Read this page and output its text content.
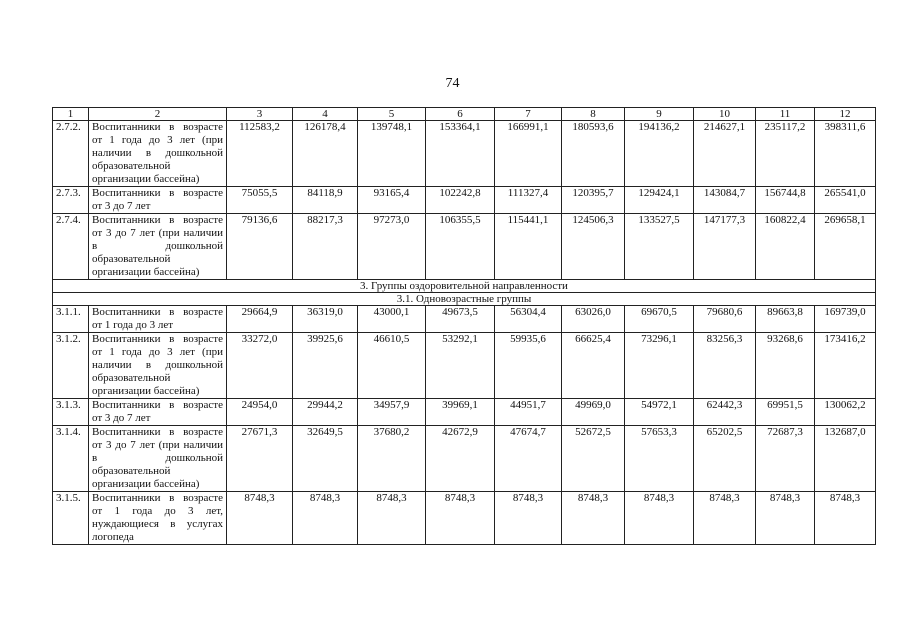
74
1	2	3	4	5	6	7	8	9	10	11	12
2.7.2.	Воспитанники в возрасте от 1 года до 3 лет (при наличии в дошкольной образовательной организации бассейна)	112583,2	126178,4	139748,1	153364,1	166991,1	180593,6	194136,2	214627,1	235117,2	398311,6
2.7.3.	Воспитанники в возрасте от 3 до 7 лет	75055,5	84118,9	93165,4	102242,8	111327,4	120395,7	129424,1	143084,7	156744,8	265541,0
2.7.4.	Воспитанники в возрасте от 3 до 7 лет (при наличии в дошкольной образовательной организации бассейна)	79136,6	88217,3	97273,0	106355,5	115441,1	124506,3	133527,5	147177,3	160822,4	269658,1
3. Группы оздоровительной направленности											
3.1. Одновозрастные группы											
3.1.1.	Воспитанники в возрасте от 1 года до 3 лет	29664,9	36319,0	43000,1	49673,5	56304,4	63026,0	69670,5	79680,6	89663,8	169739,0
3.1.2.	Воспитанники в возрасте от 1 года до 3 лет (при наличии в дошкольной образовательной организации бассейна)	33272,0	39925,6	46610,5	53292,1	59935,6	66625,4	73296,1	83256,3	93268,6	173416,2
3.1.3.	Воспитанники в возрасте от 3 до 7 лет	24954,0	29944,2	34957,9	39969,1	44951,7	49969,0	54972,1	62442,3	69951,5	130062,2
3.1.4.	Воспитанники в возрасте от 3 до 7 лет (при наличии в дошкольной образовательной организации бассейна)	27671,3	32649,5	37680,2	42672,9	47674,7	52672,5	57653,3	65202,5	72687,3	132687,0
3.1.5.	Воспитанники в возрасте от 1 года до 3 лет, нуждающиеся в услугах логопеда	8748,3	8748,3	8748,3	8748,3	8748,3	8748,3	8748,3	8748,3	8748,3	8748,3
